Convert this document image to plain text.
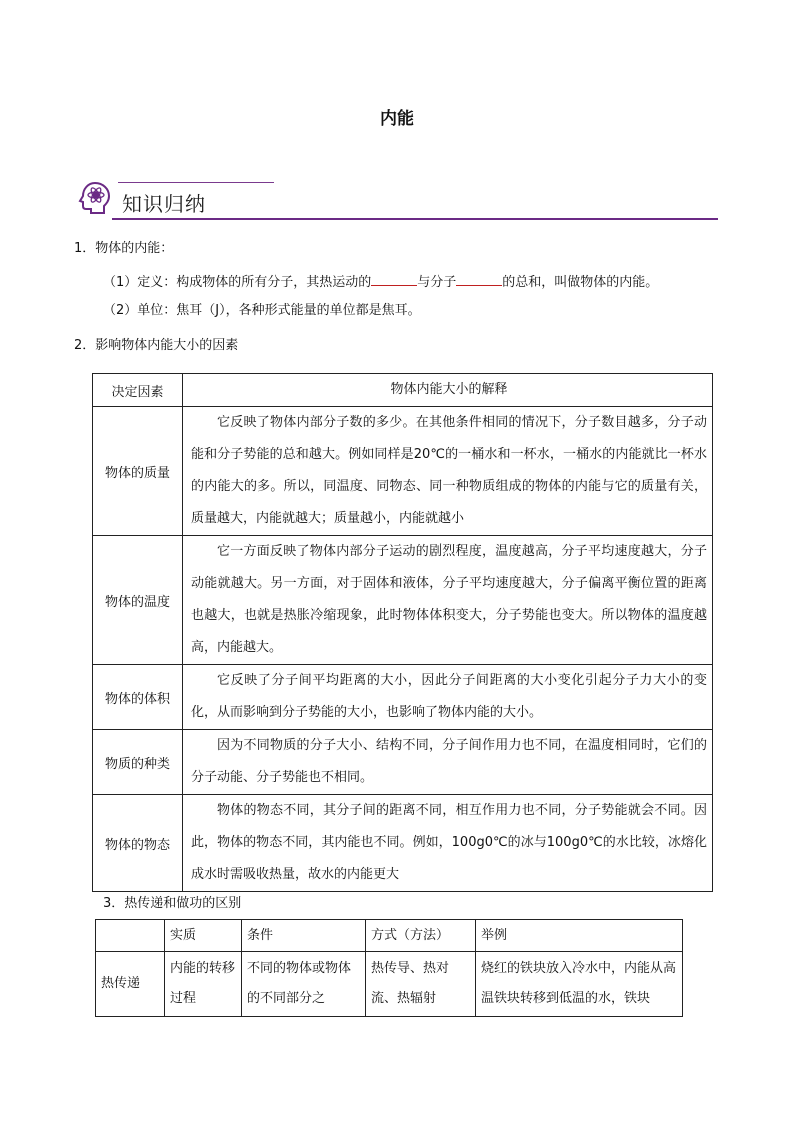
内能
知识归纳
1．物体的内能：
（1）定义：构成物体的所有分子，其热运动的	与分子	的总和，叫做物体的内能。
（2）单位：焦耳（J），各种形式能量的单位都是焦耳。
2．影响物体内能大小的因素
决定因素	物体内能大小的解释
物体的质量	它反映了物体内部分子数的多少。在其他条件相同的情况下，分子数目越多，分子动能和分子势能的总和越大。例如同样是20℃的一桶水和一杯水，一桶水的内能就比一杯水的内能大的多。所以，同温度、同物态、同一种物质组成的物体的内能与它的质量有关，质量越大，内能就越大；质量越小，内能就越小
物体的温度	它一方面反映了物体内部分子运动的剧烈程度，温度越高，分子平均速度越大，分子动能就越大。另一方面，对于固体和液体，分子平均速度越大，分子偏离平衡位置的距离也越大，也就是热胀冷缩现象，此时物体体积变大，分子势能也变大。所以物体的温度越高，内能越大。
物体的体积	它反映了分子间平均距离的大小，因此分子间距离的大小变化引起分子力大小的变化，从而影响到分子势能的大小，也影响了物体内能的大小。
物质的种类	因为不同物质的分子大小、结构不同，分子间作用力也不同，在温度相同时，它们的分子动能、分子势能也不相同。
物体的物态	物体的物态不同，其分子间的距离不同，相互作用力也不同，分子势能就会不同。因此，物体的物态不同，其内能也不同。例如，100g0℃的冰与100g0℃的水比较，冰熔化成水时需吸收热量，故水的内能更大
3．热传递和做功的区别
	实质	条件	方式（方法）	举例
热传递	内能的转移过程	不同的物体或物体的不同部分之	热传导、热对流、热辐射	烧红的铁块放入冷水中，内能从高温铁块转移到低温的水，铁块
